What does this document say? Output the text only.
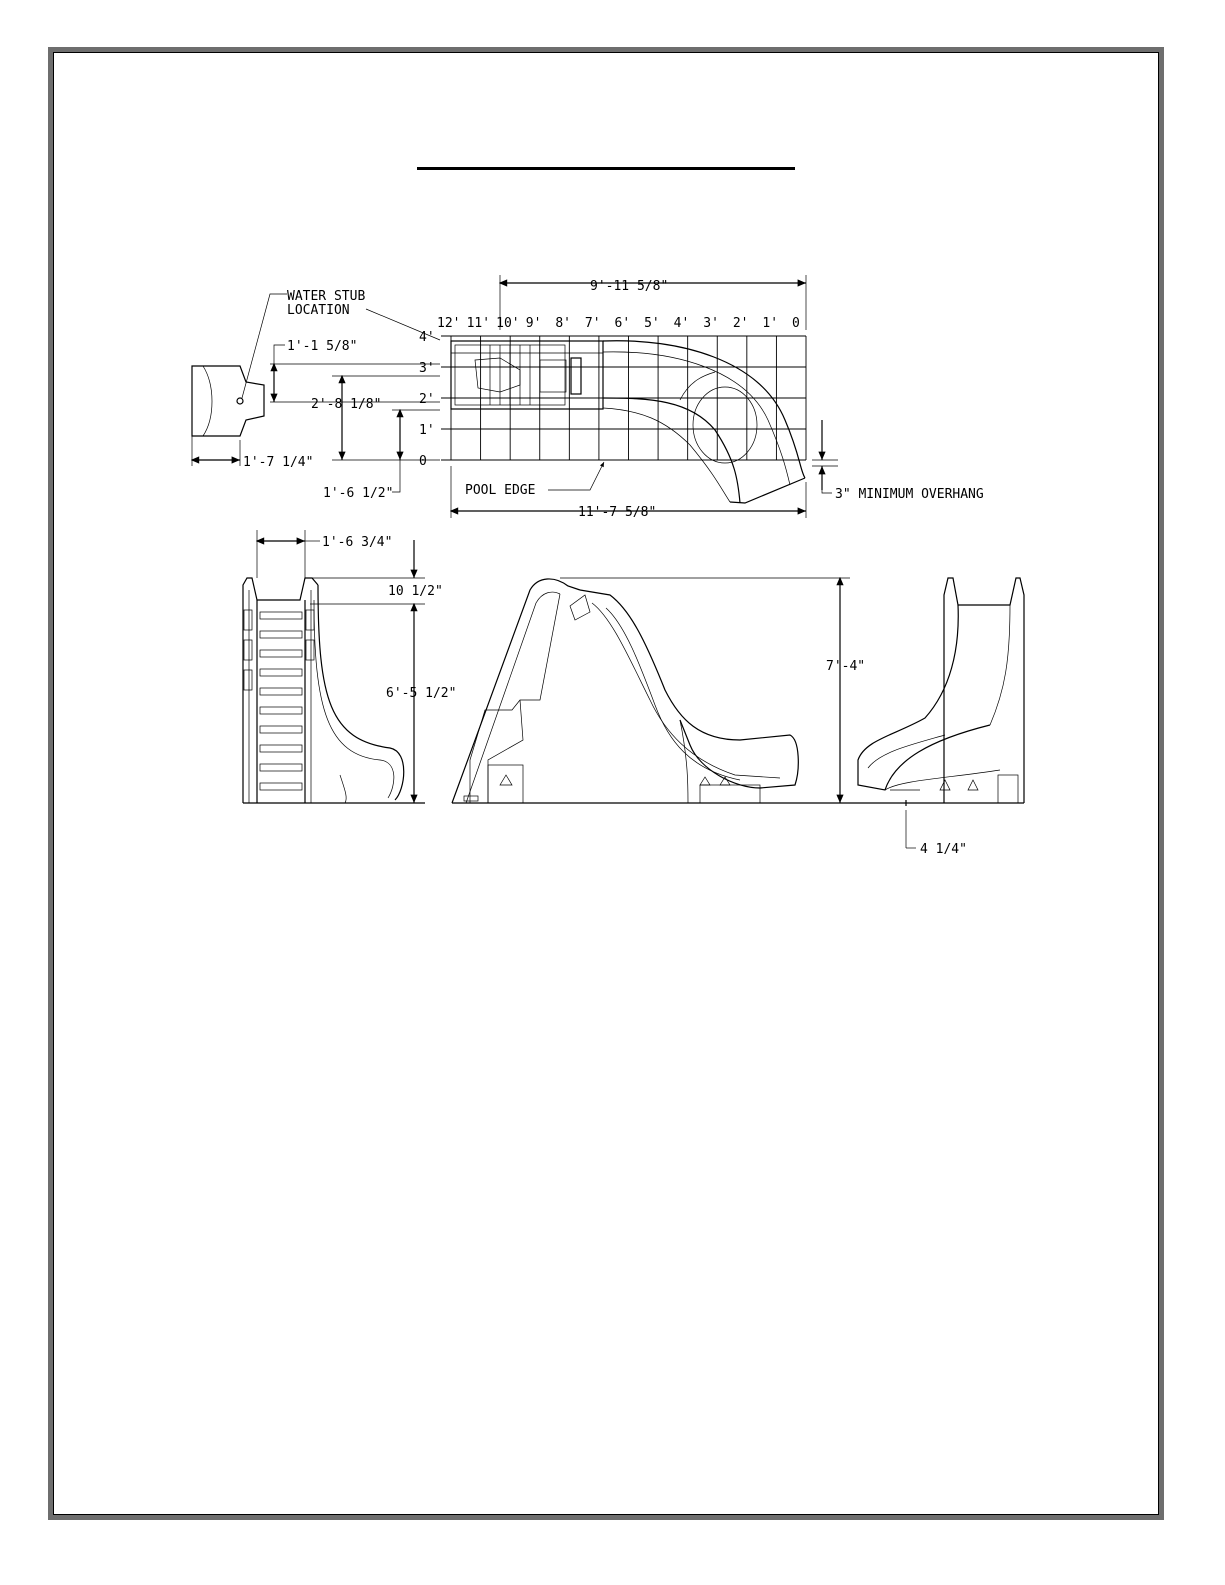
12' 11' 10' 9' 8' 7' 6' 5' 4' 3' 2' 1' 0
4'
3'
2'
1'
0
WATER STUB
LOCATION
9'-11 5/8"
11'-7 5/8"
1'-1 5/8"
2'-8 1/8"
1'-7 1/4"
1'-6 1/2"	POOL EDGE	3" MINIMUM OVERHANG
1'-6 3/4"
10 1/2"
6'-5 1/2"
7'-4"
4 1/4"
